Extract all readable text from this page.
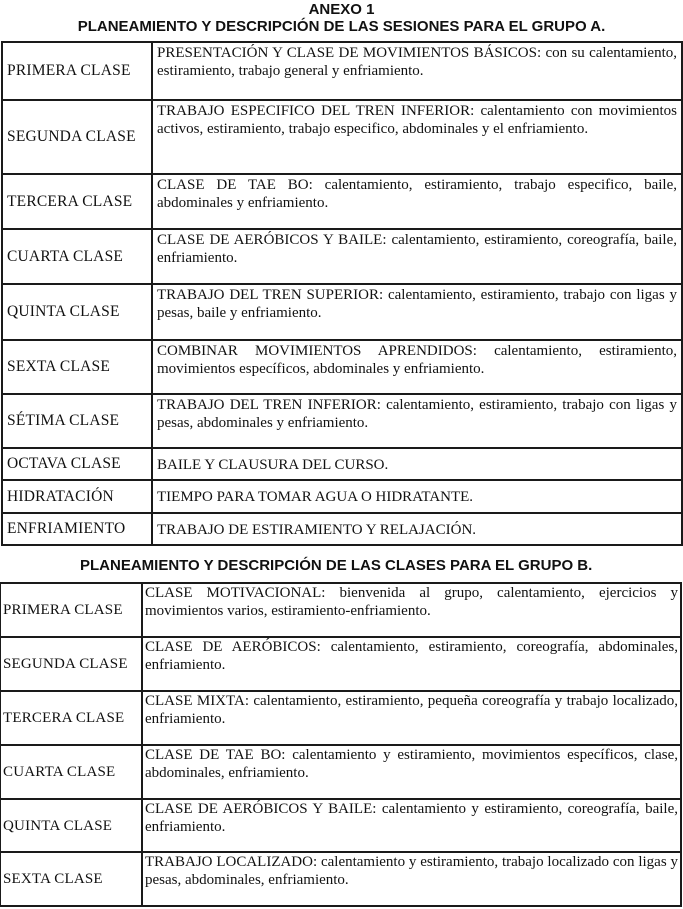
ANEXO 1
PLANEAMIENTO Y DESCRIPCIÓN DE LAS SESIONES PARA EL GRUPO A.
PRIMERA CLASE	PRESENTACIÓN Y CLASE DE MOVIMIENTOS BÁSICOS: con su calentamiento, estiramiento, trabajo general y enfriamiento.
SEGUNDA CLASE	TRABAJO ESPECIFICO DEL TREN INFERIOR: calentamiento con movimientos activos, estiramiento, trabajo especifico, abdominales y el enfriamiento.
TERCERA CLASE	CLASE DE TAE BO: calentamiento, estiramiento, trabajo especifico, baile, abdominales y enfriamiento.
CUARTA CLASE	CLASE DE AERÓBICOS Y BAILE: calentamiento, estiramiento, coreografía, baile, enfriamiento.
QUINTA CLASE	TRABAJO DEL TREN SUPERIOR: calentamiento, estiramiento, trabajo con ligas y pesas, baile y enfriamiento.
SEXTA CLASE	COMBINAR MOVIMIENTOS APRENDIDOS: calentamiento, estiramiento, movimientos específicos, abdominales y enfriamiento.
SÉTIMA CLASE	TRABAJO DEL TREN INFERIOR: calentamiento, estiramiento, trabajo con ligas y pesas, abdominales y enfriamiento.
OCTAVA CLASE	BAILE Y CLAUSURA DEL CURSO.
HIDRATACIÓN	TIEMPO PARA TOMAR AGUA O HIDRATANTE.
ENFRIAMIENTO	TRABAJO DE ESTIRAMIENTO Y RELAJACIÓN.
PLANEAMIENTO Y DESCRIPCIÓN DE LAS CLASES PARA EL GRUPO B.
PRIMERA CLASE	CLASE MOTIVACIONAL: bienvenida al grupo, calentamiento, ejercicios y movimientos varios, estiramiento-enfriamiento.
SEGUNDA CLASE	CLASE DE AERÓBICOS: calentamiento, estiramiento, coreografía, abdominales, enfriamiento.
TERCERA CLASE	CLASE MIXTA: calentamiento, estiramiento, pequeña coreografía y trabajo localizado, enfriamiento.
CUARTA CLASE	CLASE DE TAE BO: calentamiento y estiramiento, movimientos específicos, clase, abdominales, enfriamiento.
QUINTA CLASE	CLASE DE AERÓBICOS Y BAILE: calentamiento y estiramiento, coreografía, baile, enfriamiento.
SEXTA CLASE	TRABAJO LOCALIZADO: calentamiento y estiramiento, trabajo localizado con ligas y pesas, abdominales, enfriamiento.
